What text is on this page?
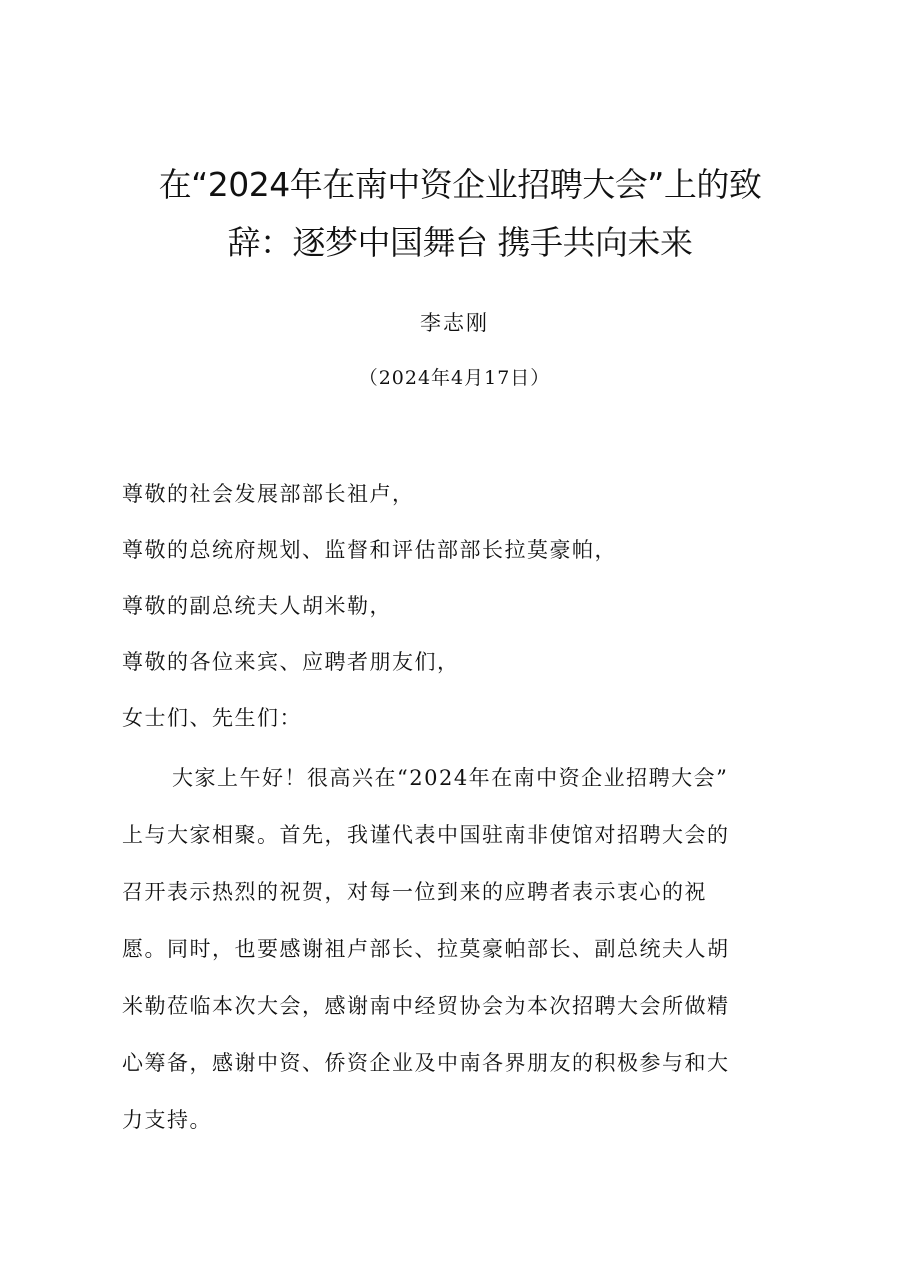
在“2024年在南中资企业招聘大会”上的致
辞：逐梦中国舞台 携手共向未来
李志刚
（2024年4月17日）
尊敬的社会发展部部长祖卢，
尊敬的总统府规划、监督和评估部部长拉莫豪帕，
尊敬的副总统夫人胡米勒，
尊敬的各位来宾、应聘者朋友们，
女士们、先生们：
大家上午好！很高兴在“2024年在南中资企业招聘大会”
上与大家相聚。首先，我谨代表中国驻南非使馆对招聘大会的
召开表示热烈的祝贺，对每一位到来的应聘者表示衷心的祝
愿。同时，也要感谢祖卢部长、拉莫豪帕部长、副总统夫人胡
米勒莅临本次大会，感谢南中经贸协会为本次招聘大会所做精
心筹备，感谢中资、侨资企业及中南各界朋友的积极参与和大
力支持。
